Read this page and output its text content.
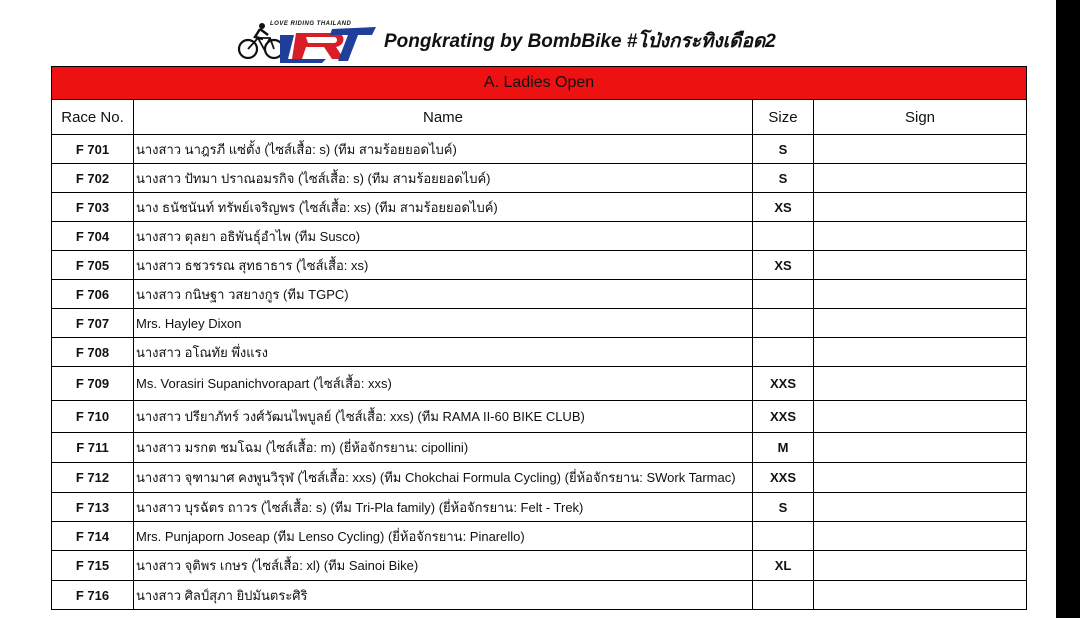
LOVE RIDING THAILAND
Pongkrating by BombBike #โป่งกระทิงเดือด2
A. Ladies Open			
Race No.	Name	Size	Sign
F 701	นางสาว นาฎรภี แซ่ตั้ง (ไซส์เสื้อ: s) (ทีม สามร้อยยอดไบค์)	S	
F 702	นางสาว ปัทมา ปราณอมรกิจ (ไซส์เสื้อ: s) (ทีม สามร้อยยอดไบค์)	S	
F 703	นาง ธนัชนันท์ ทรัพย์เจริญพร (ไซส์เสื้อ: xs) (ทีม สามร้อยยอดไบค์)	XS	
F 704	นางสาว ตุลยา อธิพันธุ์อำไพ (ทีม Susco)		
F 705	นางสาว ธชวรรณ สุทธาธาร (ไซส์เสื้อ: xs)	XS	
F 706	นางสาว กนิษฐา วสยางกูร (ทีม TGPC)		
F 707	Mrs. Hayley Dixon		
F 708	นางสาว อโณทัย พึ่งแรง		
F 709	Ms. Vorasiri Supanichvorapart (ไซส์เสื้อ: xxs)	XXS	
F 710	นางสาว ปรียาภัทร์ วงศ์วัฒนไพบูลย์ (ไซส์เสื้อ: xxs) (ทีม RAMA II-60 BIKE CLUB)	XXS	
F 711	นางสาว มรกต ชมโฉม (ไซส์เสื้อ: m) (ยี่ห้อจักรยาน: cipollini)	M	
F 712	นางสาว จุฑามาศ คงพูนวิรุฬ (ไซส์เสื้อ: xxs) (ทีม Chokchai Formula Cycling) (ยี่ห้อจักรยาน: SWork Tarmac)	XXS	
F 713	นางสาว บุรฉัตร ถาวร (ไซส์เสื้อ: s) (ทีม Tri-Pla family) (ยี่ห้อจักรยาน: Felt - Trek)	S	
F 714	Mrs. Punjaporn Joseap (ทีม Lenso Cycling) (ยี่ห้อจักรยาน: Pinarello)		
F 715	นางสาว จุติพร เกษร (ไซส์เสื้อ: xl) (ทีม Sainoi Bike)	XL	
F 716	นางสาว ศิลป์สุภา ยิปมันตระศิริ		
